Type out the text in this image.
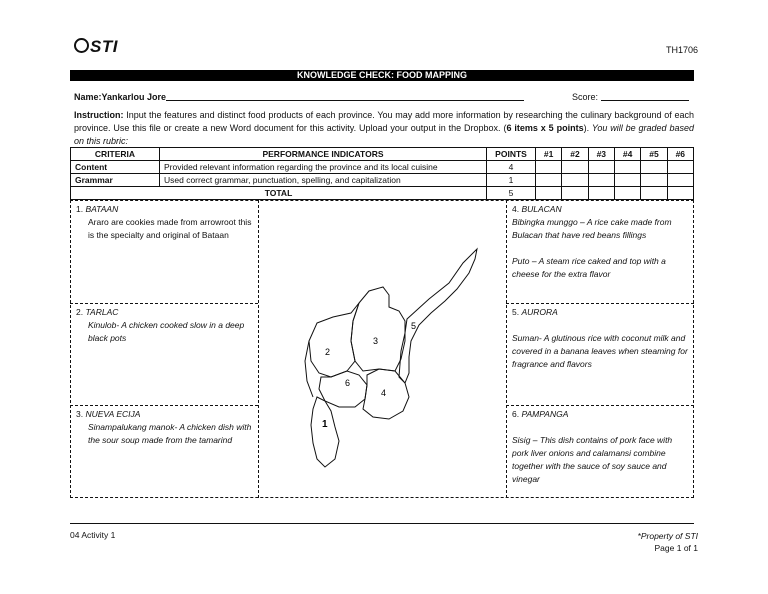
STI	TH1706
KNOWLEDGE CHECK: FOOD MAPPING
Name:Yankarlou Jore	Score:
Instruction: Input the features and distinct food products of each province. You may add more information by researching the culinary background of each province. Use this file or create a new Word document for this activity. Upload your output in the Dropbox. (6 items x 5 points). You will be graded based on this rubric:
CRITERIA	PERFORMANCE INDICATORS	POINTS	#1	#2	#3	#4	#5	#6
Content	Provided relevant information regarding the province and its local cuisine	4						
Grammar	Used correct grammar, punctuation, spelling, and capitalization	1						
TOTAL		5						
1. BATAAN
Araro are cookies made from arrowroot this is the specialty and original of Bataan
2. TARLAC
Kinulob- A chicken cooked slow in a deep black pots
3. NUEVA ECIJA
Sinampalukang manok- A chicken dish with the sour soup made from the tamarind
4. BULACAN
Bibingka munggo – A rice cake made from Bulacan that have red beans fillings
Puto – A steam rice caked and top with a cheese for the extra flavor
5. AURORA
Suman- A glutinous rice with coconut milk and covered in a banana leaves when steaming for fragrance and flavors
6. PAMPANGA
Sisig – This dish contains of pork face with pork liver onions and calamansi combine together with the sauce of soy sauce and vinegar
3
2
5
6
4
1
04 Activity 1	*Property of STI
Page 1 of 1
